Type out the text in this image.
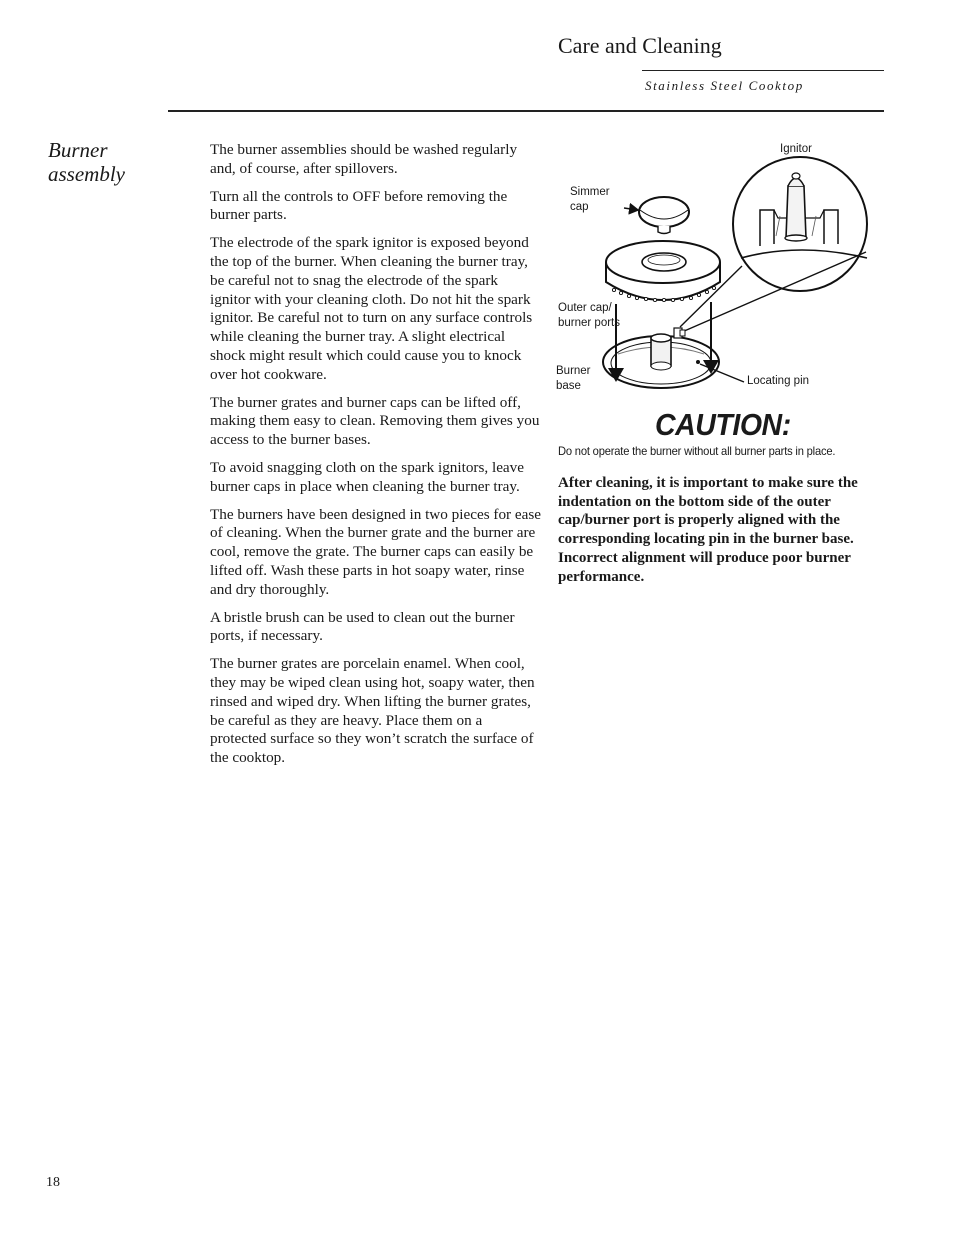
Care and Cleaning
Stainless Steel Cooktop
Burner assembly

The burner assemblies should be washed regularly and, of course, after spillovers.

Turn all the controls to OFF before removing the burner parts.

The electrode of the spark ignitor is exposed beyond the top of the burner. When cleaning the burner tray, be careful not to snag the electrode of the spark ignitor with your cleaning cloth. Do not hit the spark ignitor. Be careful not to turn on any surface controls while cleaning the burner tray. A slight electrical shock might result which could cause you to knock over hot cookware.

The burner grates and burner caps can be lifted off, making them easy to clean. Removing them gives you access to the burner bases.

To avoid snagging cloth on the spark ignitors, leave burner caps in place when cleaning the burner tray.

The burners have been designed in two pieces for ease of cleaning. When the burner grate and the burner are cool, remove the grate. The burner caps can easily be lifted off. Wash these parts in hot soapy water, rinse and dry thoroughly.

A bristle brush can be used to clean out the burner ports, if necessary.

The burner grates are porcelain enamel. When cool, they may be wiped clean using hot, soapy water, then rinsed and wiped dry. When lifting the burner grates, be careful as they are heavy. Place them on a protected surface so they won’t scratch the surface of the cooktop.

Ignitor
Simmer
cap
Outer cap/
burner ports
Burner
base	Locating pin
CAUTION:
Do not operate the burner without all burner parts in place.
After cleaning, it is important to make sure the indentation on the bottom side of the outer cap/burner port is properly aligned with the corresponding locating pin in the burner base. Incorrect alignment will produce poor burner performance.
18
